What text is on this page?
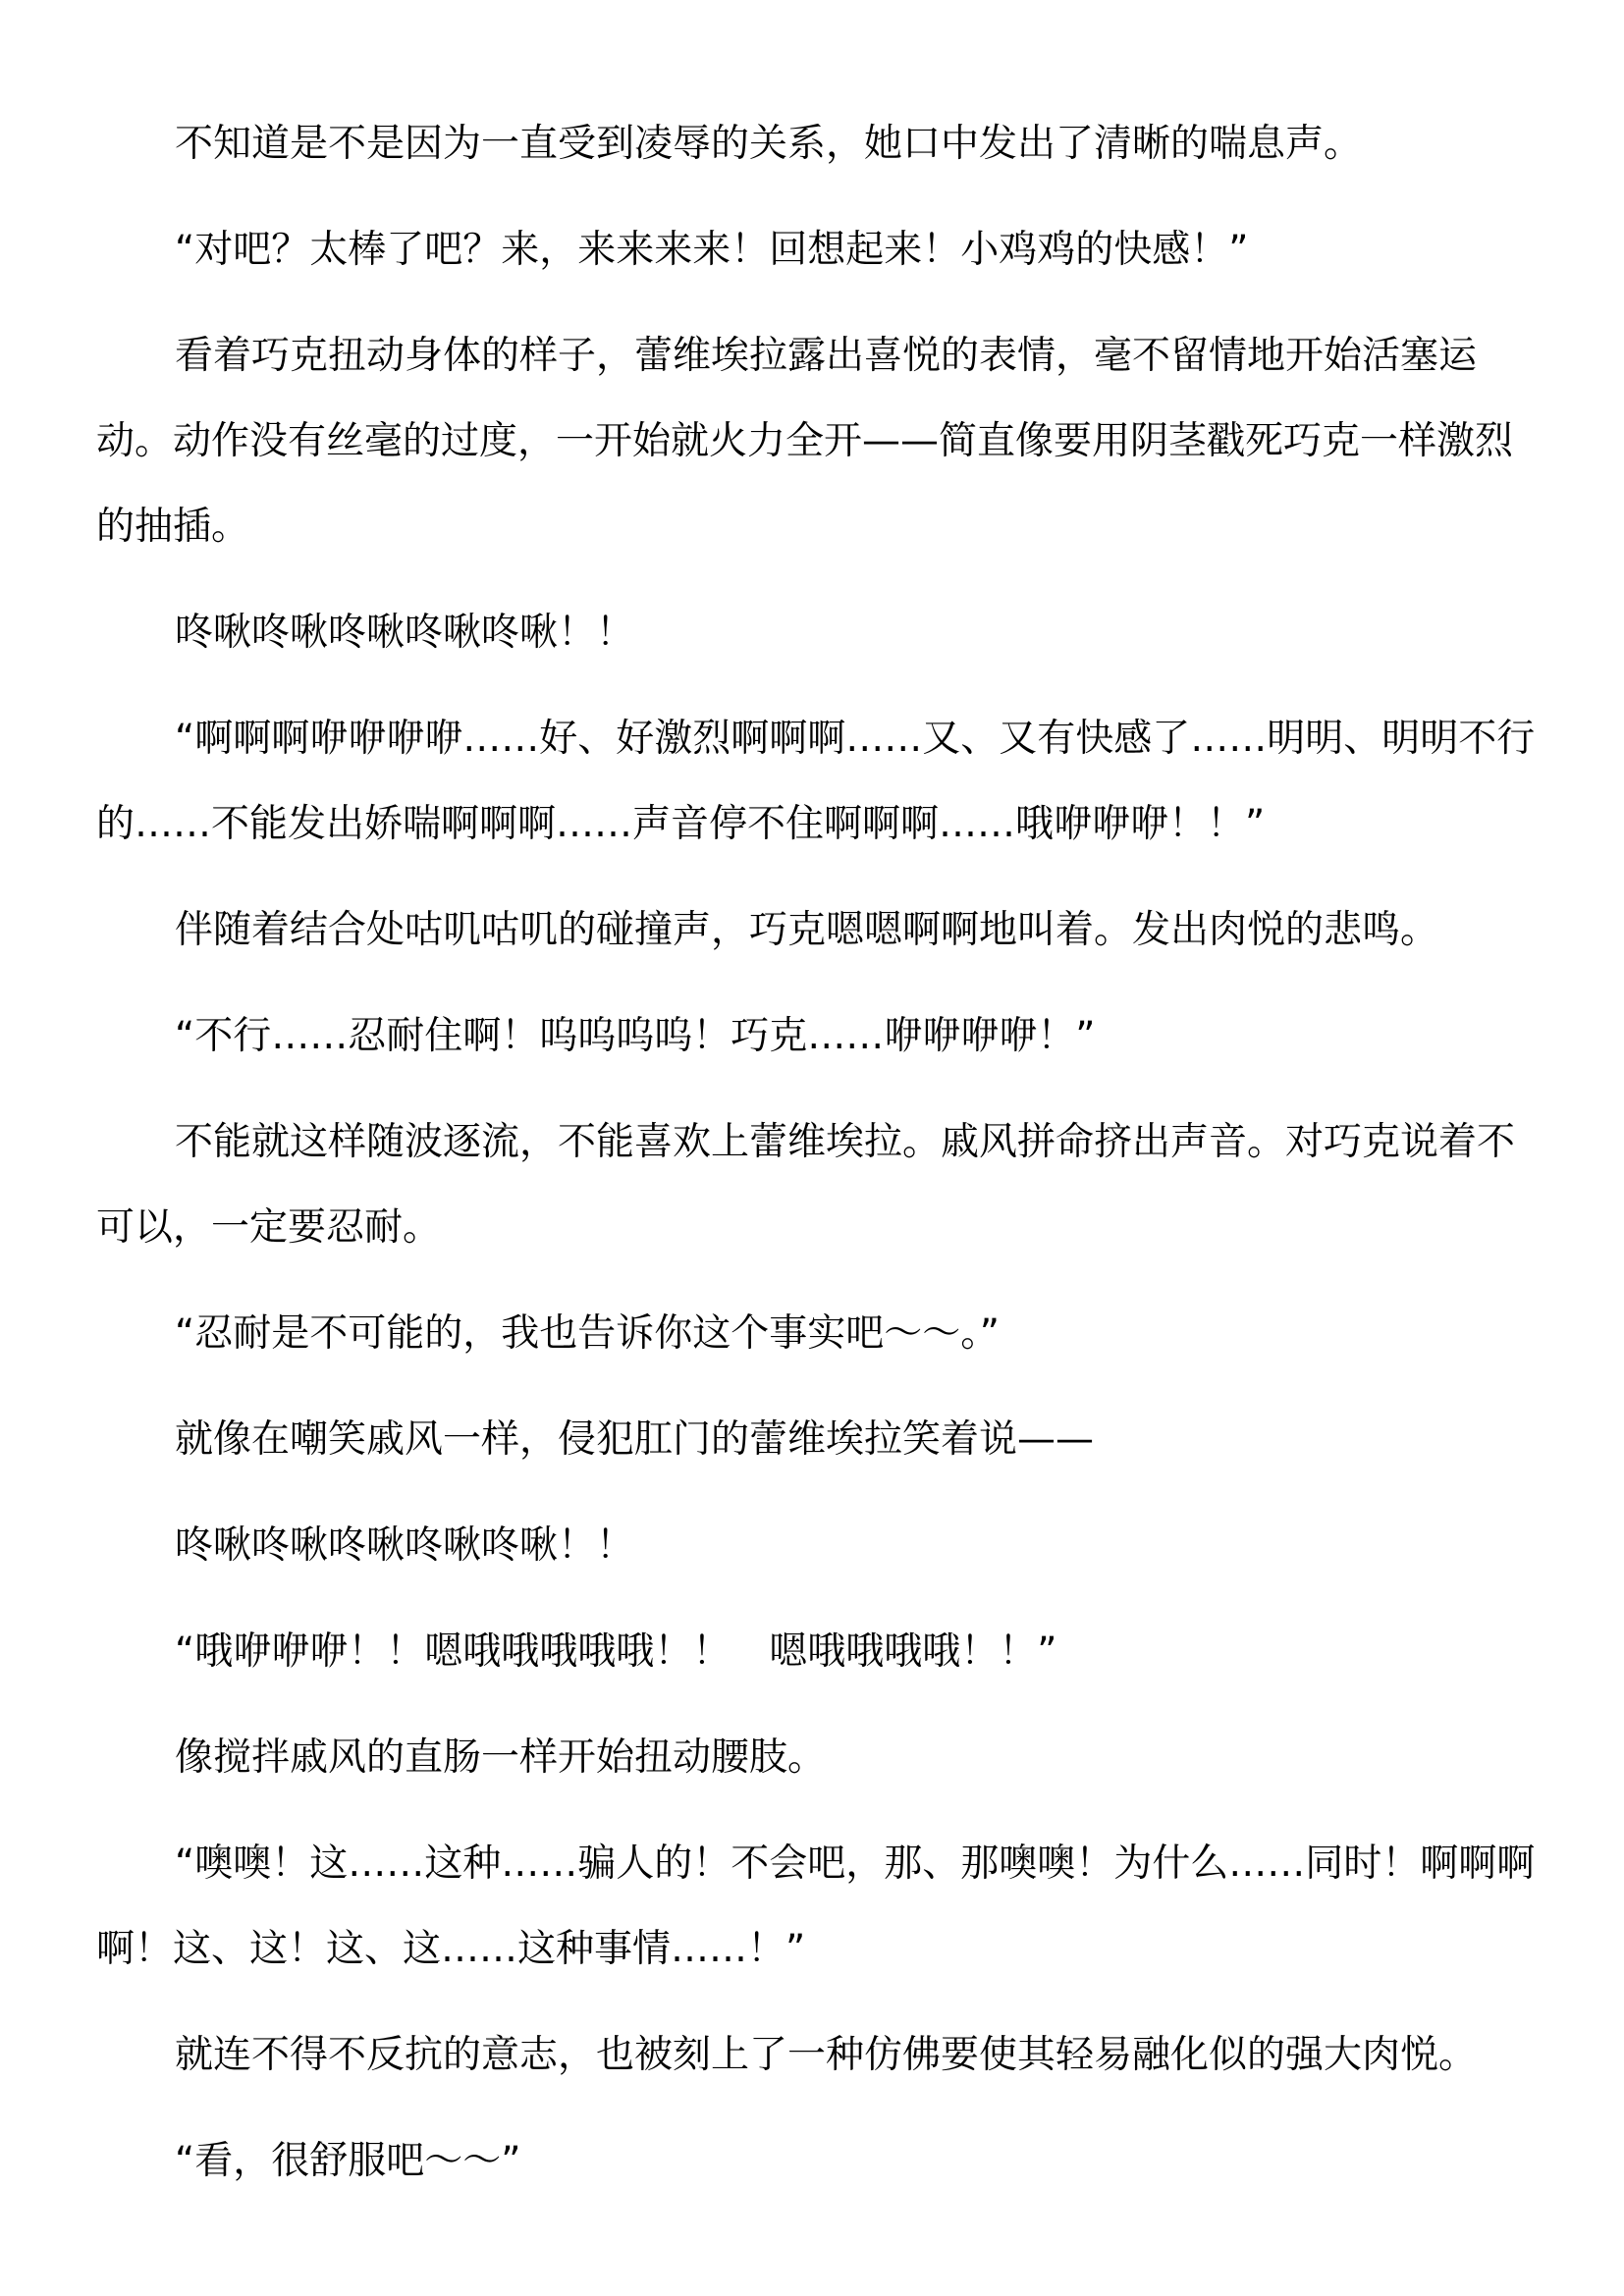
不知道是不是因为一直受到凌辱的关系，她口中发出了清晰的喘息声。

“对吧？太棒了吧？来，来来来来！回想起来！小鸡鸡的快感！”

看着巧克扭动身体的样子，蕾维埃拉露出喜悦的表情，毫不留情地开始活塞运
动。动作没有丝毫的过度，一开始就火力全开——简直像要用阴茎戳死巧克一样激烈
的抽插。

咚啾咚啾咚啾咚啾咚啾！！

“啊啊啊咿咿咿咿……好、好激烈啊啊啊……又、又有快感了……明明、明明不行
的……不能发出娇喘啊啊啊……声音停不住啊啊啊……哦咿咿咿！！”

伴随着结合处咕叽咕叽的碰撞声，巧克嗯嗯啊啊地叫着。发出肉悦的悲鸣。

“不行……忍耐住啊！呜呜呜呜！巧克……咿咿咿咿！”

不能就这样随波逐流，不能喜欢上蕾维埃拉。戚风拼命挤出声音。对巧克说着不
可以，一定要忍耐。

“忍耐是不可能的，我也告诉你这个事实吧～～。”

就像在嘲笑戚风一样，侵犯肛门的蕾维埃拉笑着说——

咚啾咚啾咚啾咚啾咚啾！！

“哦咿咿咿！！嗯哦哦哦哦哦！！　嗯哦哦哦哦！！”

像搅拌戚风的直肠一样开始扭动腰肢。

“噢噢！这……这种……骗人的！不会吧，那、那噢噢！为什么……同时！啊啊啊
啊！这、这！这、这……这种事情……！”

就连不得不反抗的意志，也被刻上了一种仿佛要使其轻易融化似的强大肉悦。

“看，很舒服吧～～”
